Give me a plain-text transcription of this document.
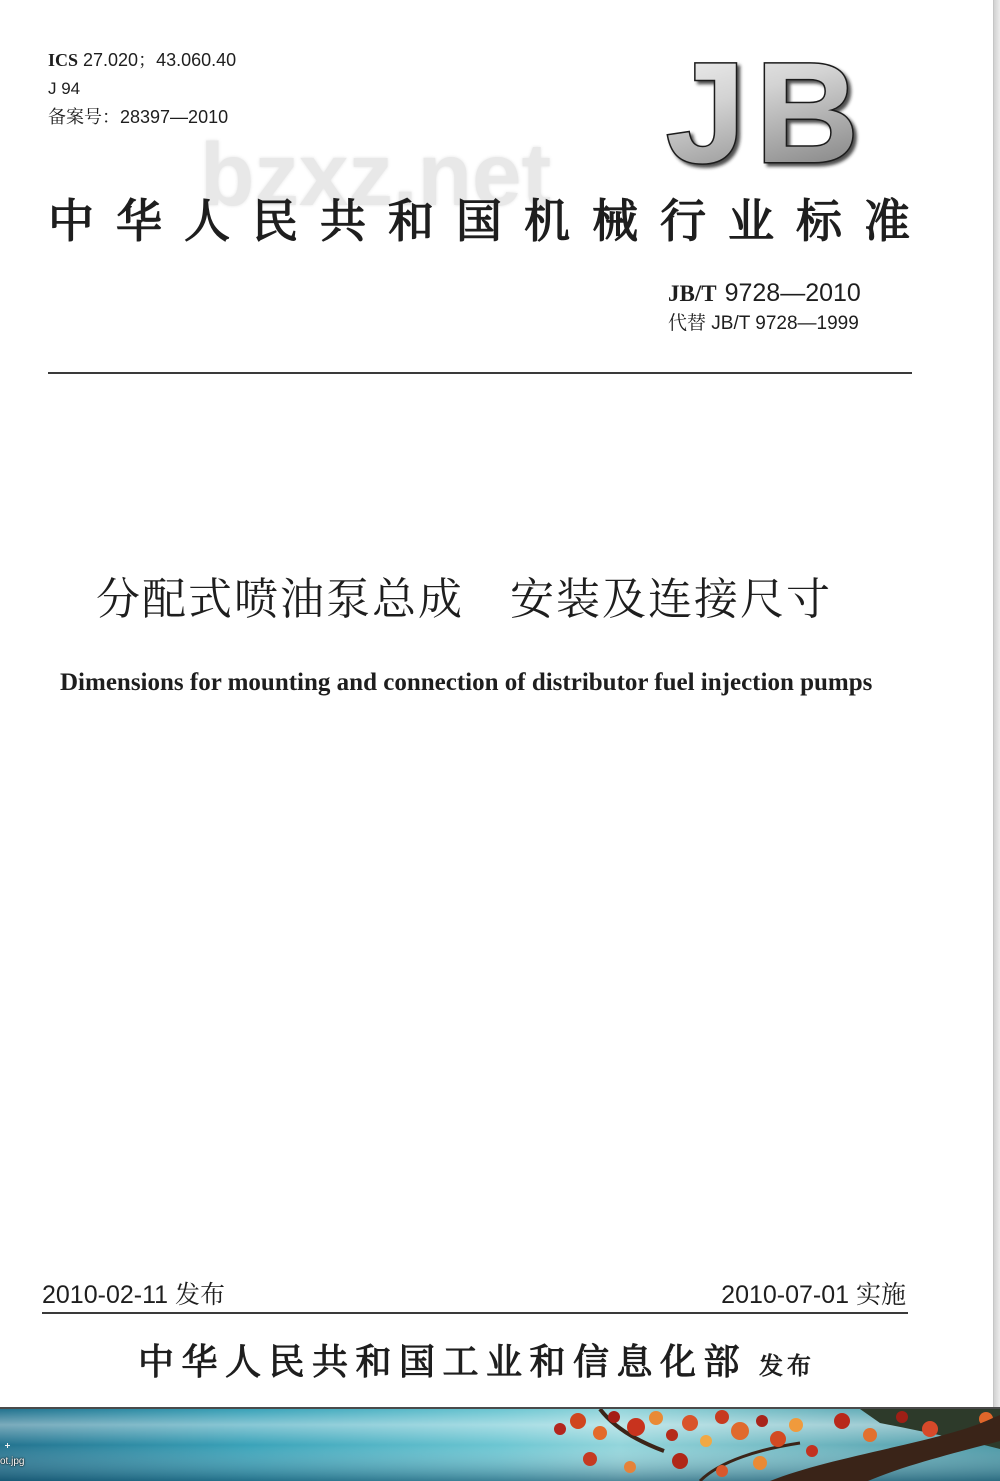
ICS 27.020；43.060.40
J 94
备案号：28397—2010
bzxz.net JB
中华人民共和国机械行业标准
JB/T 9728—2010
代替 JB/T 9728—1999
分配式喷油泵总成　安装及连接尺寸
Dimensions for mounting and connection of distributor fuel injection pumps
2010-02-11 发布	2010-07-01 实施
中华人民共和国工业和信息化部 发布
ot.jpg
